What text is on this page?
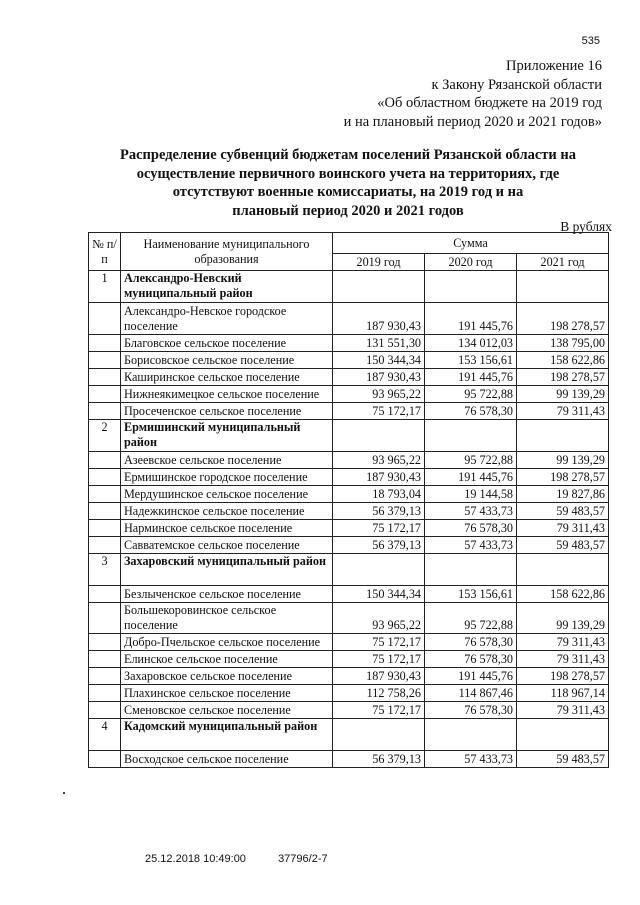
535
Приложение 16
к Закону Рязанской области
«Об областном бюджете на 2019 год
и на плановый период 2020 и 2021 годов»
Распределение субвенций бюджетам поселений Рязанской области на
осуществление первичного воинского учета на территориях, где
отсутствуют военные комиссариаты, на 2019 год и на
плановый период 2020 и 2021 годов
В рублях
№ п/п	Наименование муниципального образования	Сумма		
		2019 год	2020 год	2021 год
1	Александро-Невский муниципальный район			
	Александро-Невское городское поселение	187 930,43	191 445,76	198 278,57
	Благовское сельское поселение	131 551,30	134 012,03	138 795,00
	Борисовское сельское поселение	150 344,34	153 156,61	158 622,86
	Каширинское сельское поселение	187 930,43	191 445,76	198 278,57
	Нижнеякимецкое сельское поселение	93 965,22	95 722,88	99 139,29
	Просеченское сельское поселение	75 172,17	76 578,30	79 311,43
2	Ермишинский муниципальный район			
	Азеевское сельское поселение	93 965,22	95 722,88	99 139,29
	Ермишинское городское поселение	187 930,43	191 445,76	198 278,57
	Мердушинское сельское поселение	18 793,04	19 144,58	19 827,86
	Надежкинское сельское поселение	56 379,13	57 433,73	59 483,57
	Нарминское сельское поселение	75 172,17	76 578,30	79 311,43
	Савватемское сельское поселение	56 379,13	57 433,73	59 483,57
3	Захаровский муниципальный район			
	Безлыченское сельское поселение	150 344,34	153 156,61	158 622,86
	Большекоровинское сельское поселение	93 965,22	95 722,88	99 139,29
	Добро-Пчельское сельское поселение	75 172,17	76 578,30	79 311,43
	Елинское сельское поселение	75 172,17	76 578,30	79 311,43
	Захаровское сельское поселение	187 930,43	191 445,76	198 278,57
	Плахинское сельское поселение	112 758,26	114 867,46	118 967,14
	Сменовское сельское поселение	75 172,17	76 578,30	79 311,43
4	Кадомский муниципальный район			
	Восходское сельское поселение	56 379,13	57 433,73	59 483,57
25.12.2018 10:49:00	37796/2-7
